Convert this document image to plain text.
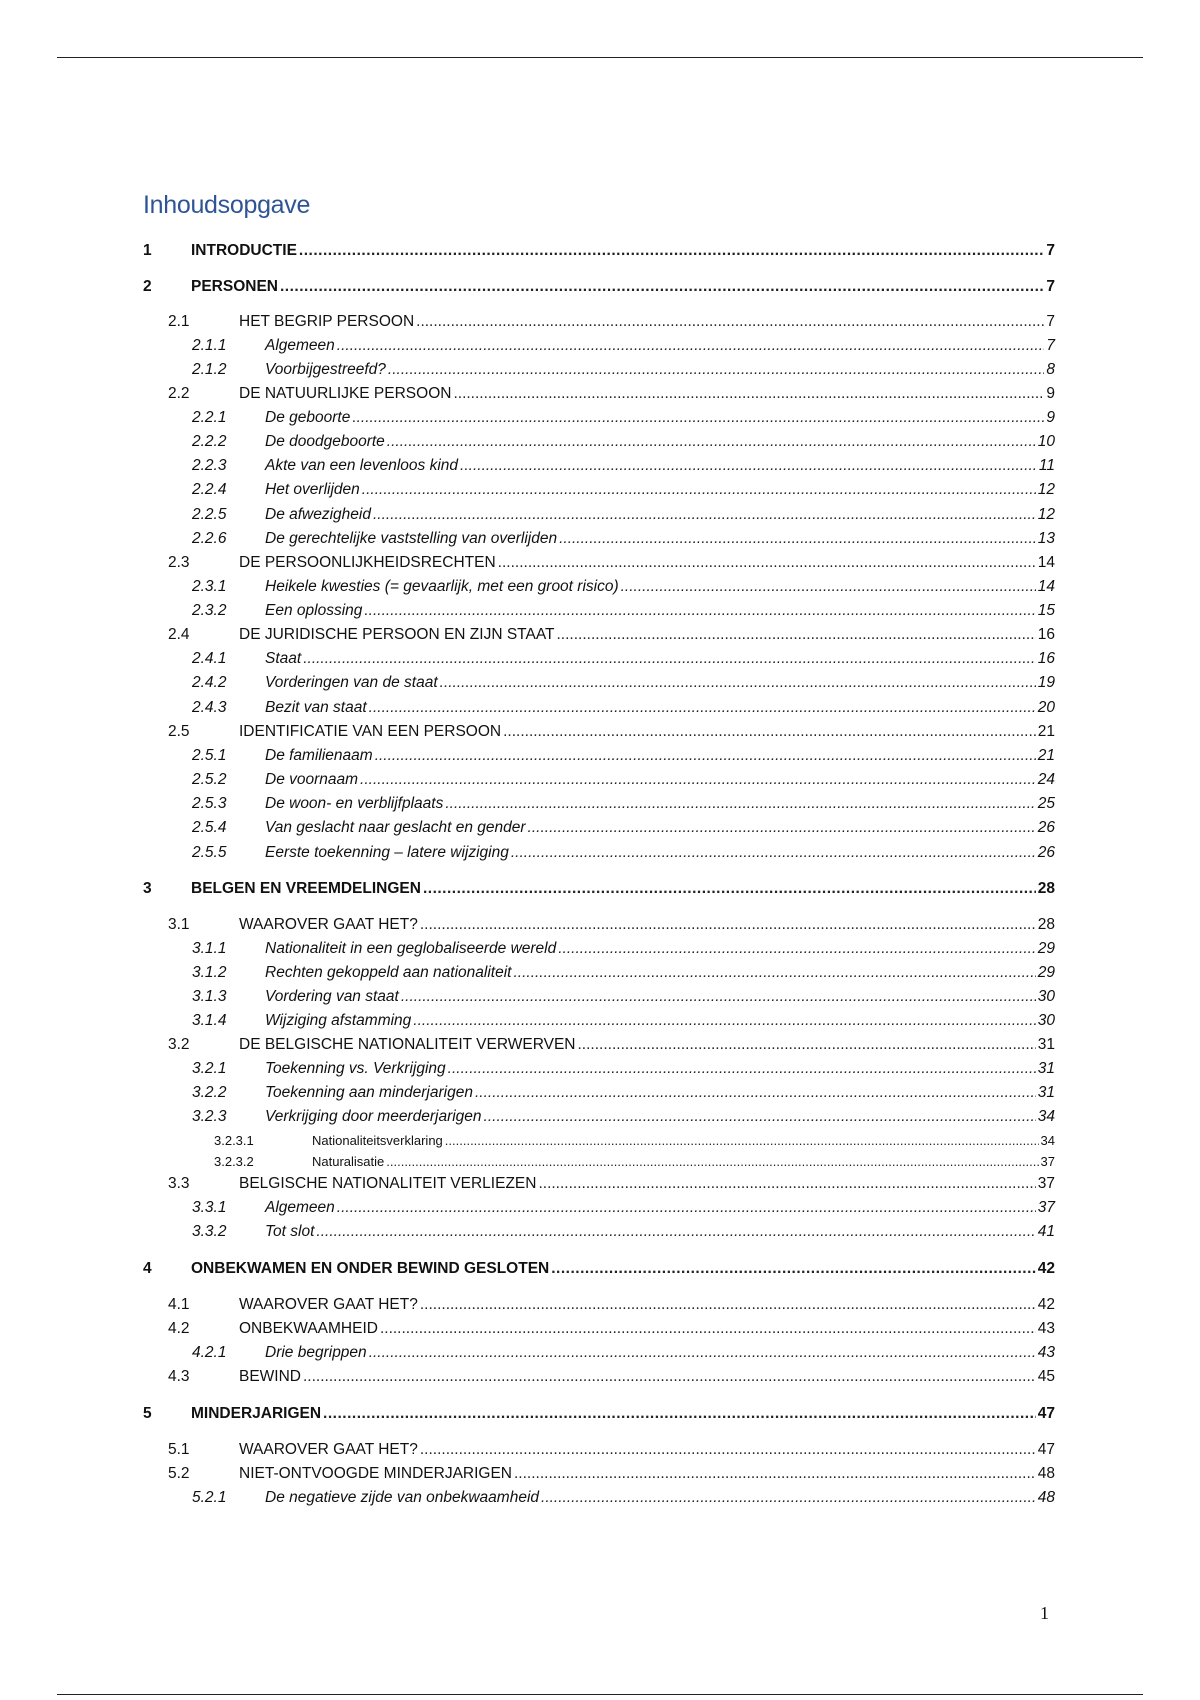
Inhoudsopgave
1	INTRODUCTIE .....	7
2	PERSONEN .....	7
2.1	HET BEGRIP PERSOON .....	7
2.1.1	Algemeen .....	7
2.1.2	Voorbijgestreefd? .....	8
2.2	DE NATUURLIJKE PERSOON .....	9
2.2.1	De geboorte .....	9
2.2.2	De doodgeboorte .....	10
2.2.3	Akte van een levenloos kind .....	11
2.2.4	Het overlijden .....	12
2.2.5	De afwezigheid .....	12
2.2.6	De gerechtelijke vaststelling van overlijden .....	13
2.3	DE PERSOONLIJKHEIDSRECHTEN .....	14
2.3.1	Heikele kwesties (= gevaarlijk, met een groot risico) .....	14
2.3.2	Een oplossing .....	15
2.4	DE JURIDISCHE PERSOON EN ZIJN STAAT .....	16
2.4.1	Staat .....	16
2.4.2	Vorderingen van de staat .....	19
2.4.3	Bezit van staat .....	20
2.5	IDENTIFICATIE VAN EEN PERSOON .....	21
2.5.1	De familienaam .....	21
2.5.2	De voornaam .....	24
2.5.3	De woon- en verblijfplaats .....	25
2.5.4	Van geslacht naar geslacht en gender .....	26
2.5.5	Eerste toekenning – latere wijziging .....	26
3	BELGEN EN VREEMDELINGEN .....	28
3.1	WAAROVER GAAT HET? .....	28
3.1.1	Nationaliteit in een geglobaliseerde wereld .....	29
3.1.2	Rechten gekoppeld aan nationaliteit .....	29
3.1.3	Vordering van staat .....	30
3.1.4	Wijziging afstamming .....	30
3.2	DE BELGISCHE NATIONALITEIT VERWERVEN .....	31
3.2.1	Toekenning vs. Verkrijging .....	31
3.2.2	Toekenning aan minderjarigen .....	31
3.2.3	Verkrijging door meerderjarigen .....	34
3.2.3.1	Nationaliteitsverklaring .....	34
3.2.3.2	Naturalisatie .....	37
3.3	BELGISCHE NATIONALITEIT VERLIEZEN .....	37
3.3.1	Algemeen .....	37
3.3.2	Tot slot .....	41
4	ONBEKWAMEN EN ONDER BEWIND GESLOTEN .....	42
4.1	WAAROVER GAAT HET? .....	42
4.2	ONBEKWAAMHEID .....	43
4.2.1	Drie begrippen .....	43
4.3	BEWIND .....	45
5	MINDERJARIGEN .....	47
5.1	WAAROVER GAAT HET? .....	47
5.2	NIET-ONTVOOGDE MINDERJARIGEN .....	48
5.2.1	De negatieve zijde van onbekwaamheid .....	48
1
